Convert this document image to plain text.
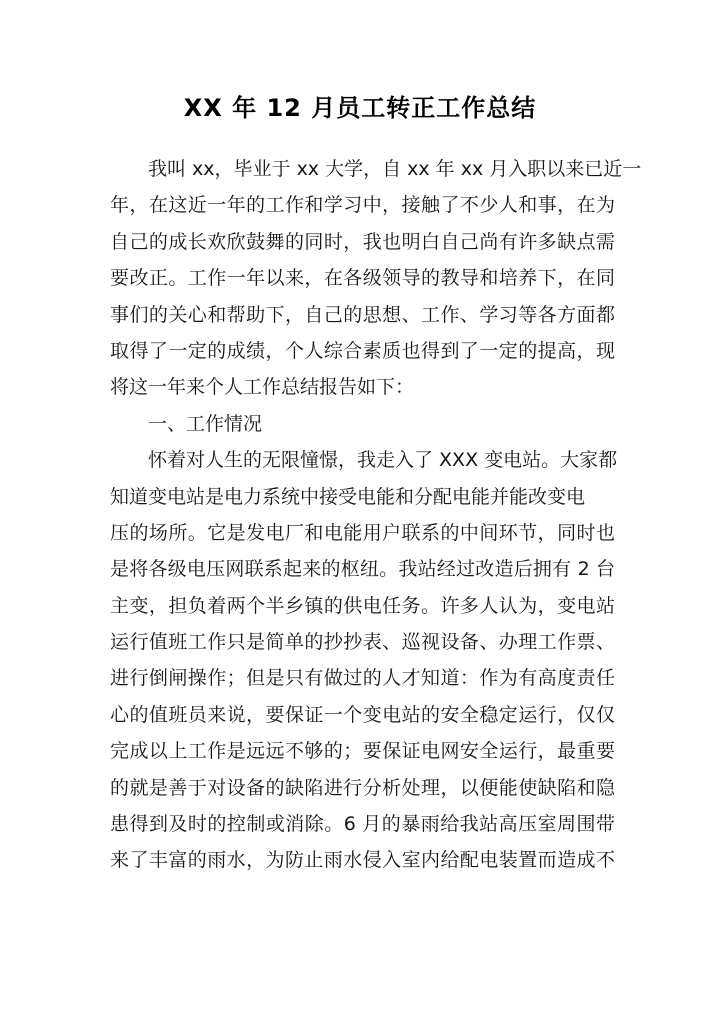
XX 年 12 月员工转正工作总结
我叫 xx，毕业于 xx 大学，自 xx 年 xx 月入职以来已近一
年，在这近一年的工作和学习中，接触了不少人和事，在为
自己的成长欢欣鼓舞的同时，我也明白自己尚有许多缺点需
要改正。工作一年以来，在各级领导的教导和培养下，在同
事们的关心和帮助下，自己的思想、工作、学习等各方面都
取得了一定的成绩，个人综合素质也得到了一定的提高，现
将这一年来个人工作总结报告如下：
一、工作情况
怀着对人生的无限憧憬，我走入了 XXX 变电站。大家都
知道变电站是电力系统中接受电能和分配电能并能改变电
压的场所。它是发电厂和电能用户联系的中间环节，同时也
是将各级电压网联系起来的枢纽。我站经过改造后拥有 2 台
主变，担负着两个半乡镇的供电任务。许多人认为，变电站
运行值班工作只是简单的抄抄表、巡视设备、办理工作票、
进行倒闸操作；但是只有做过的人才知道：作为有高度责任
心的值班员来说，要保证一个变电站的安全稳定运行，仅仅
完成以上工作是远远不够的；要保证电网安全运行，最重要
的就是善于对设备的缺陷进行分析处理，以便能使缺陷和隐
患得到及时的控制或消除。6 月的暴雨给我站高压室周围带
来了丰富的雨水，为防止雨水侵入室内给配电装置而造成不
